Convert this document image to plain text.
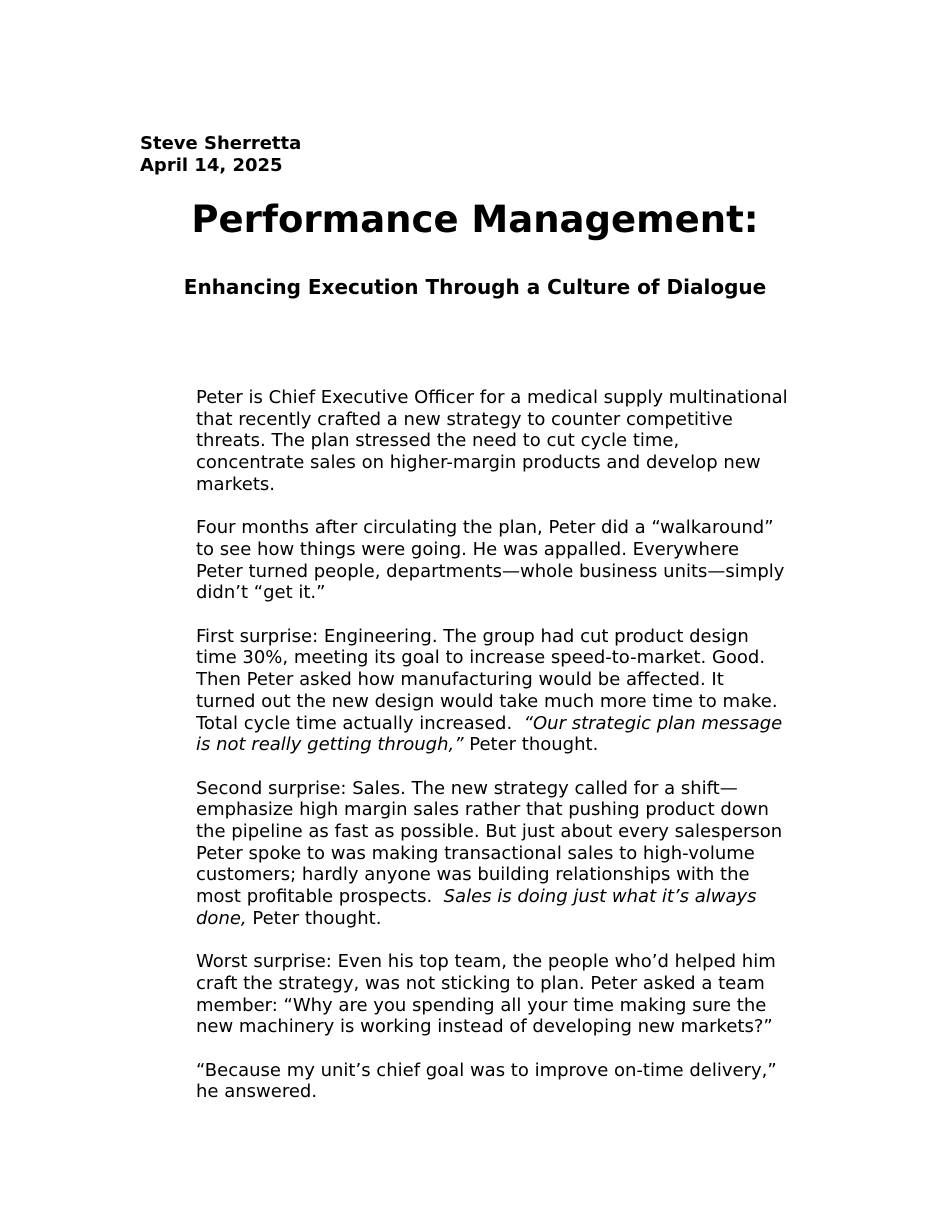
Steve Sherretta
April 14, 2025
Performance Management:
Enhancing Execution Through a Culture of Dialogue

Peter is Chief Executive Officer for a medical supply multinational
that recently crafted a new strategy to counter competitive
threats. The plan stressed the need to cut cycle time,
concentrate sales on higher-margin products and develop new
markets.

Four months after circulating the plan, Peter did a “walkaround”
to see how things were going. He was appalled. Everywhere
Peter turned people, departments—whole business units—simply
didn’t “get it.”

First surprise: Engineering. The group had cut product design
time 30%, meeting its goal to increase speed-to-market. Good.
Then Peter asked how manufacturing would be affected. It
turned out the new design would take much more time to make.
Total cycle time actually increased. “Our strategic plan message
is not really getting through,” Peter thought.

Second surprise: Sales. The new strategy called for a shift—
emphasize high margin sales rather that pushing product down
the pipeline as fast as possible. But just about every salesperson
Peter spoke to was making transactional sales to high-volume
customers; hardly anyone was building relationships with the
most profitable prospects. Sales is doing just what it’s always
done, Peter thought.

Worst surprise: Even his top team, the people who’d helped him
craft the strategy, was not sticking to plan. Peter asked a team
member: “Why are you spending all your time making sure the
new machinery is working instead of developing new markets?”

“Because my unit’s chief goal was to improve on-time delivery,”
he answered.
